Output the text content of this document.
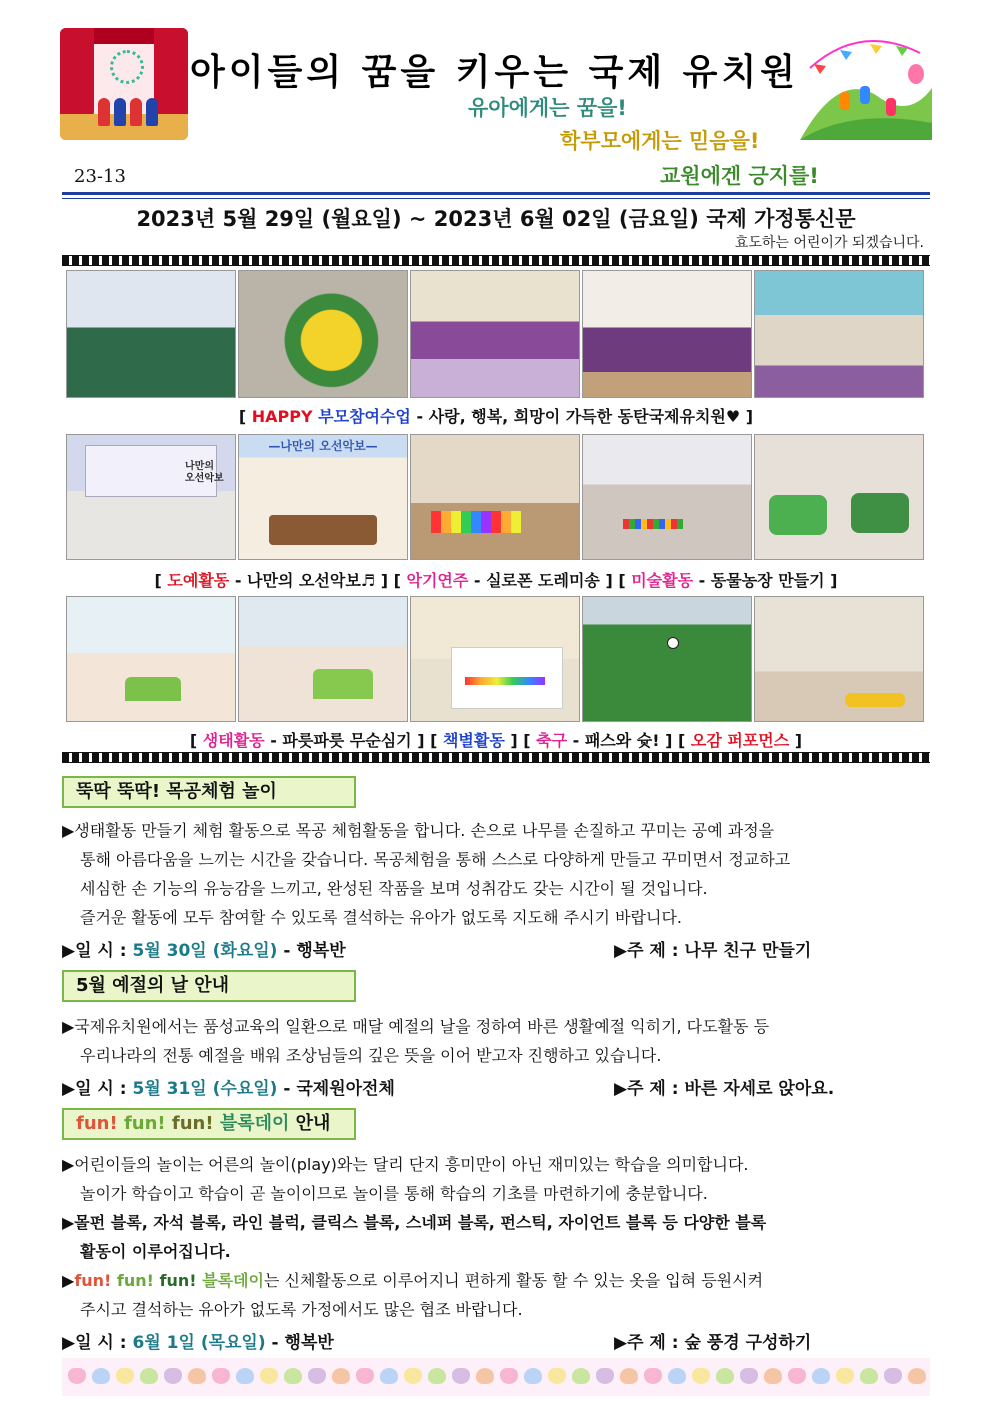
아이들의 꿈을 키우는 국제 유치원
유아에게는 꿈을!
학부모에게는 믿음을!
교원에겐 긍지를!
23-13
2023년 5월 29일 (월요일) ~ 2023년 6월 02일 (금요일) 국제 가정통신문
효도하는 어린이가 되겠습니다.
[ HAPPY 부모참여수업 - 사랑, 행복, 희망이 가득한 동탄국제유치원♥ ]
나만의 오선악보
—나만의 오선악보—
[ 도예활동 - 나만의 오선악보♬ ] [ 악기연주 - 실로폰 도레미송 ] [ 미술활동 - 동물농장 만들기 ]
[ 생태활동 - 파릇파릇 무순심기 ] [ 책별활동 ] [ 축구 - 패스와 슛! ] [ 오감 퍼포먼스 ]
뚝딱 뚝딱! 목공체험 놀이
▶생태활동 만들기 체험 활동으로 목공 체험활동을 합니다. 손으로 나무를 손질하고 꾸미는 공예 과정을
통해 아름다움을 느끼는 시간을 갖습니다. 목공체험을 통해 스스로 다양하게 만들고 꾸미면서 정교하고
세심한 손 기능의 유능감을 느끼고, 완성된 작품을 보며 성취감도 갖는 시간이 될 것입니다.
즐거운 활동에 모두 참여할 수 있도록 결석하는 유아가 없도록 지도해 주시기 바랍니다.
▶일 시 : 5월 30일 (화요일) - 행복반	▶주 제 : 나무 친구 만들기
5월 예절의 날 안내
▶국제유치원에서는 품성교육의 일환으로 매달 예절의 날을 정하여 바른 생활예절 익히기, 다도활동 등
우리나라의 전통 예절을 배워 조상님들의 깊은 뜻을 이어 받고자 진행하고 있습니다.
▶일 시 : 5월 31일 (수요일) - 국제원아전체	▶주 제 : 바른 자세로 앉아요.
fun! fun! fun! 블록데이 안내
▶어린이들의 놀이는 어른의 놀이(play)와는 달리 단지 흥미만이 아닌 재미있는 학습을 의미합니다.
놀이가 학습이고 학습이 곧 놀이이므로 놀이를 통해 학습의 기초를 마련하기에 충분합니다.
▶몰펀 블록, 자석 블록, 라인 블럭, 클릭스 블록, 스네퍼 블록, 펀스틱, 자이언트 블록 등 다양한 블록
활동이 이루어집니다.
▶fun! fun! fun! 블록데이는 신체활동으로 이루어지니 편하게 활동 할 수 있는 옷을 입혀 등원시켜
주시고 결석하는 유아가 없도록 가정에서도 많은 협조 바랍니다.
▶일 시 : 6월 1일 (목요일) - 행복반	▶주 제 : 숲 풍경 구성하기
